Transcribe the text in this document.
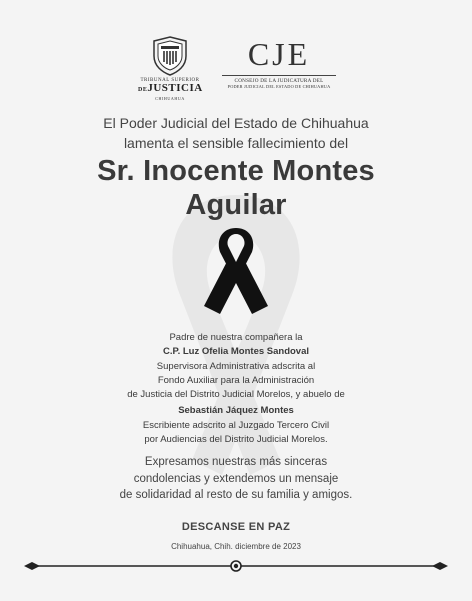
TRIBUNAL SUPERIOR
DEJUSTICIA
CHIHUAHUA
CJE
CONSEJO DE LA JUDICATURA DEL
PODER JUDICIAL DEL ESTADO DE CHIHUAHUA
El Poder Judicial del Estado de Chihuahua
lamenta el sensible fallecimiento del
Sr. Inocente Montes
Aguilar
Padre de nuestra compañera la
C.P. Luz Ofelia Montes Sandoval
Supervisora Administrativa adscrita al
Fondo Auxiliar para la Administración
de Justicia del Distrito Judicial Morelos, y abuelo de
Sebastián Jáquez Montes
Escribiente adscrito al Juzgado Tercero Civil
por Audiencias del Distrito Judicial Morelos.
Expresamos nuestras más sinceras
condolencias y extendemos un mensaje
de solidaridad al resto de su familia y amigos.
DESCANSE EN PAZ
Chihuahua, Chih. diciembre de 2023
